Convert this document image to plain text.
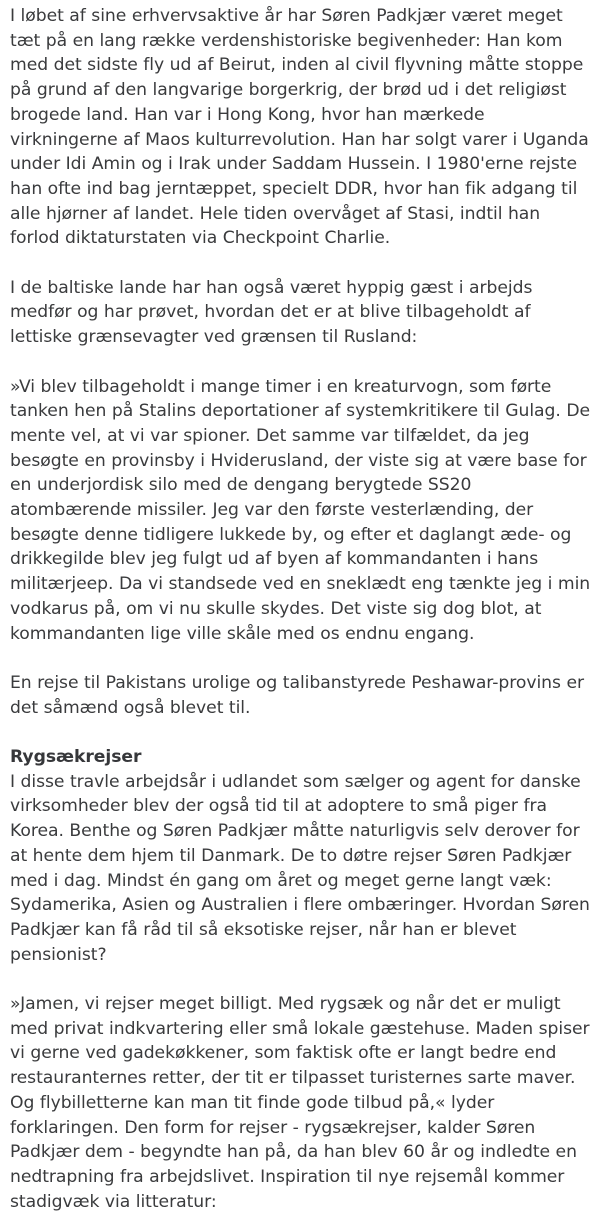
I løbet af sine erhvervsaktive år har Søren Padkjær været meget tæt på en lang række verdenshistoriske begivenheder: Han kom med det sidste fly ud af Beirut, inden al civil flyvning måtte stoppe på grund af den langvarige borgerkrig, der brød ud i det religiøst brogede land. Han var i Hong Kong, hvor han mærkede virkningerne af Maos kulturrevolution. Han har solgt varer i Uganda under Idi Amin og i Irak under Saddam Hussein. I 1980'erne rejste han ofte ind bag jerntæppet, specielt DDR, hvor han fik adgang til alle hjørner af landet. Hele tiden overvåget af Stasi, indtil han forlod diktaturstaten via Checkpoint Charlie.

I de baltiske lande har han også været hyppig gæst i arbejds medfør og har prøvet, hvordan det er at blive tilbageholdt af lettiske grænsevagter ved grænsen til Rusland:

»Vi blev tilbageholdt i mange timer i en kreaturvogn, som førte tanken hen på Stalins deportationer af systemkritikere til Gulag. De mente vel, at vi var spioner. Det samme var tilfældet, da jeg besøgte en provinsby i Hviderusland, der viste sig at være base for en underjordisk silo med de dengang berygtede SS20 atombærende missiler. Jeg var den første vesterlænding, der besøgte denne tidligere lukkede by, og efter et daglangt æde- og drikkegilde blev jeg fulgt ud af byen af kommandanten i hans militærjeep. Da vi standsede ved en sneklædt eng tænkte jeg i min vodkarus på, om vi nu skulle skydes. Det viste sig dog blot, at kommandanten lige ville skåle med os endnu engang.

En rejse til Pakistans urolige og talibanstyrede Peshawar-provins er det såmænd også blevet til.

Rygsækrejser

I disse travle arbejdsår i udlandet som sælger og agent for danske virksomheder blev der også tid til at adoptere to små piger fra Korea. Benthe og Søren Padkjær måtte naturligvis selv derover for at hente dem hjem til Danmark. De to døtre rejser Søren Padkjær med i dag. Mindst én gang om året og meget gerne langt væk: Sydamerika, Asien og Australien i flere ombæringer. Hvordan Søren Padkjær kan få råd til så eksotiske rejser, når han er blevet pensionist?

»Jamen, vi rejser meget billigt. Med rygsæk og når det er muligt med privat indkvartering eller små lokale gæstehuse. Maden spiser vi gerne ved gadekøkkener, som faktisk ofte er langt bedre end restauranternes retter, der tit er tilpasset turisternes sarte maver. Og flybilletterne kan man tit finde gode tilbud på,« lyder forklaringen. Den form for rejser - rygsækrejser, kalder Søren Padkjær dem - begyndte han på, da han blev 60 år og indledte en nedtrapning fra arbejdslivet. Inspiration til nye rejsemål kommer stadigvæk via litteratur:
